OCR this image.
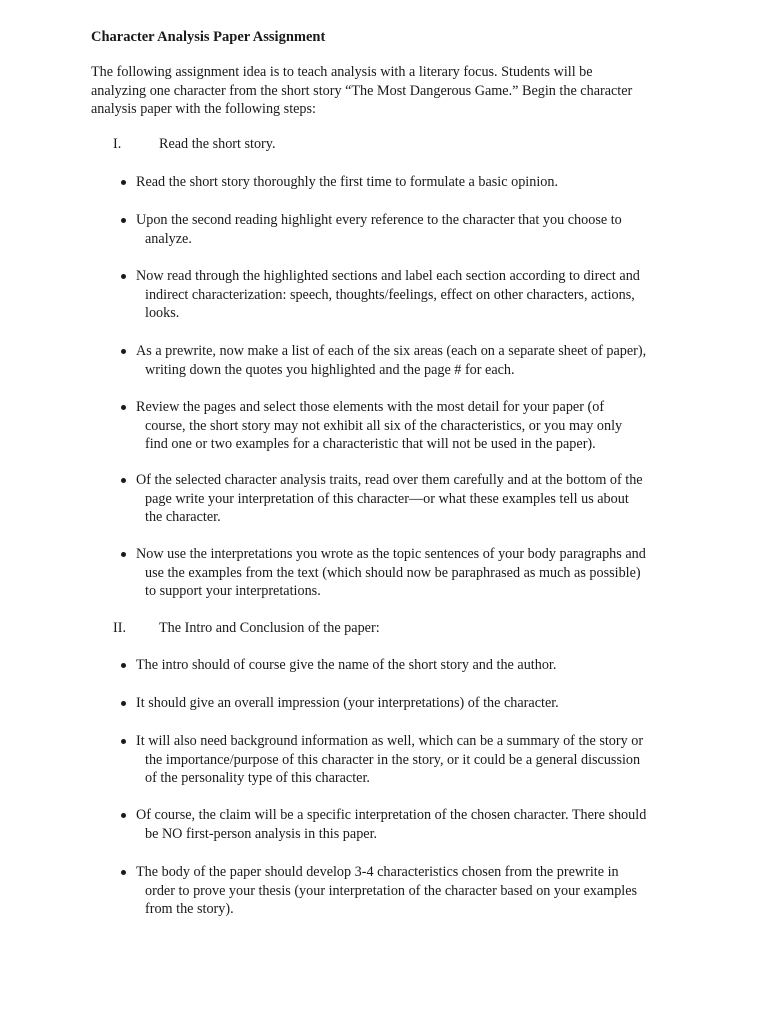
Character Analysis Paper Assignment
The following assignment idea is to teach analysis with a literary focus. Students will be
analyzing one character from the short story “The Most Dangerous Game.” Begin the character
analysis paper with the following steps:
I.	Read the short story.
Read the short story thoroughly the first time to formulate a basic opinion.
Upon the second reading highlight every reference to the character that you choose to
analyze.
Now read through the highlighted sections and label each section according to direct and
indirect characterization: speech, thoughts/feelings, effect on other characters, actions,
looks.
As a prewrite, now make a list of each of the six areas (each on a separate sheet of paper),
writing down the quotes you highlighted and the page # for each.
Review the pages and select those elements with the most detail for your paper (of
course, the short story may not exhibit all six of the characteristics, or you may only
find one or two examples for a characteristic that will not be used in the paper).
Of the selected character analysis traits, read over them carefully and at the bottom of the
page write your interpretation of this character—or what these examples tell us about
the character.
Now use the interpretations you wrote as the topic sentences of your body paragraphs and
use the examples from the text (which should now be paraphrased as much as possible)
to support your interpretations.
II. The Intro and Conclusion of the paper:
The intro should of course give the name of the short story and the author.
It should give an overall impression (your interpretations) of the character.
It will also need background information as well, which can be a summary of the story or
the importance/purpose of this character in the story, or it could be a general discussion
of the personality type of this character.
Of course, the claim will be a specific interpretation of the chosen character. There should
be NO first-person analysis in this paper.
The body of the paper should develop 3-4 characteristics chosen from the prewrite in
order to prove your thesis (your interpretation of the character based on your examples
from the story).
